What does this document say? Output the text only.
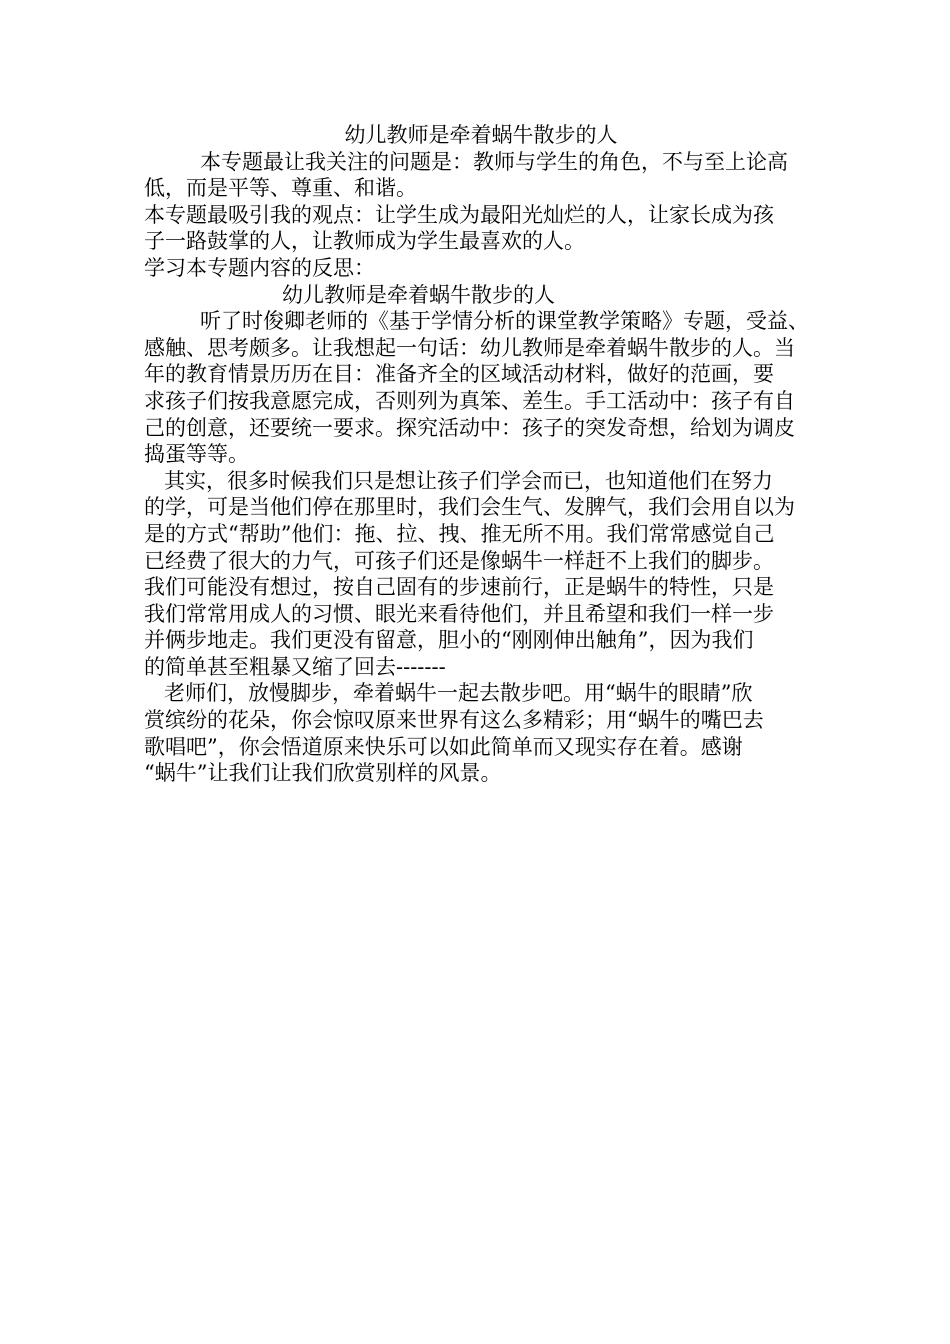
幼儿教师是牵着蜗牛散步的人
本专题最让我关注的问题是：教师与学生的角色，不与至上论高
低，而是平等、尊重、和谐。
本专题最吸引我的观点：让学生成为最阳光灿烂的人，让家长成为孩
子一路鼓掌的人，让教师成为学生最喜欢的人。
学习本专题内容的反思：
幼儿教师是牵着蜗牛散步的人
听了时俊卿老师的《基于学情分析的课堂教学策略》专题，受益、
感触、思考颇多。让我想起一句话：幼儿教师是牵着蜗牛散步的人。当
年的教育情景历历在目：准备齐全的区域活动材料，做好的范画，要
求孩子们按我意愿完成，否则列为真笨、差生。手工活动中：孩子有自
己的创意，还要统一要求。探究活动中：孩子的突发奇想，给划为调皮
捣蛋等等。
其实，很多时候我们只是想让孩子们学会而已，也知道他们在努力
的学，可是当他们停在那里时，我们会生气、发脾气，我们会用自以为
是的方式“帮助”他们：拖、拉、拽、推无所不用。我们常常感觉自己
已经费了很大的力气，可孩子们还是像蜗牛一样赶不上我们的脚步。
我们可能没有想过，按自己固有的步速前行，正是蜗牛的特性，只是
我们常常用成人的习惯、眼光来看待他们，并且希望和我们一样一步
并俩步地走。我们更没有留意，胆小的“刚刚伸出触角”，因为我们
的简单甚至粗暴又缩了回去-------
老师们，放慢脚步，牵着蜗牛一起去散步吧。用“蜗牛的眼睛”欣
赏缤纷的花朵，你会惊叹原来世界有这么多精彩；用“蜗牛的嘴巴去
歌唱吧”，你会悟道原来快乐可以如此简单而又现实存在着。感谢
“蜗牛”让我们让我们欣赏别样的风景。
